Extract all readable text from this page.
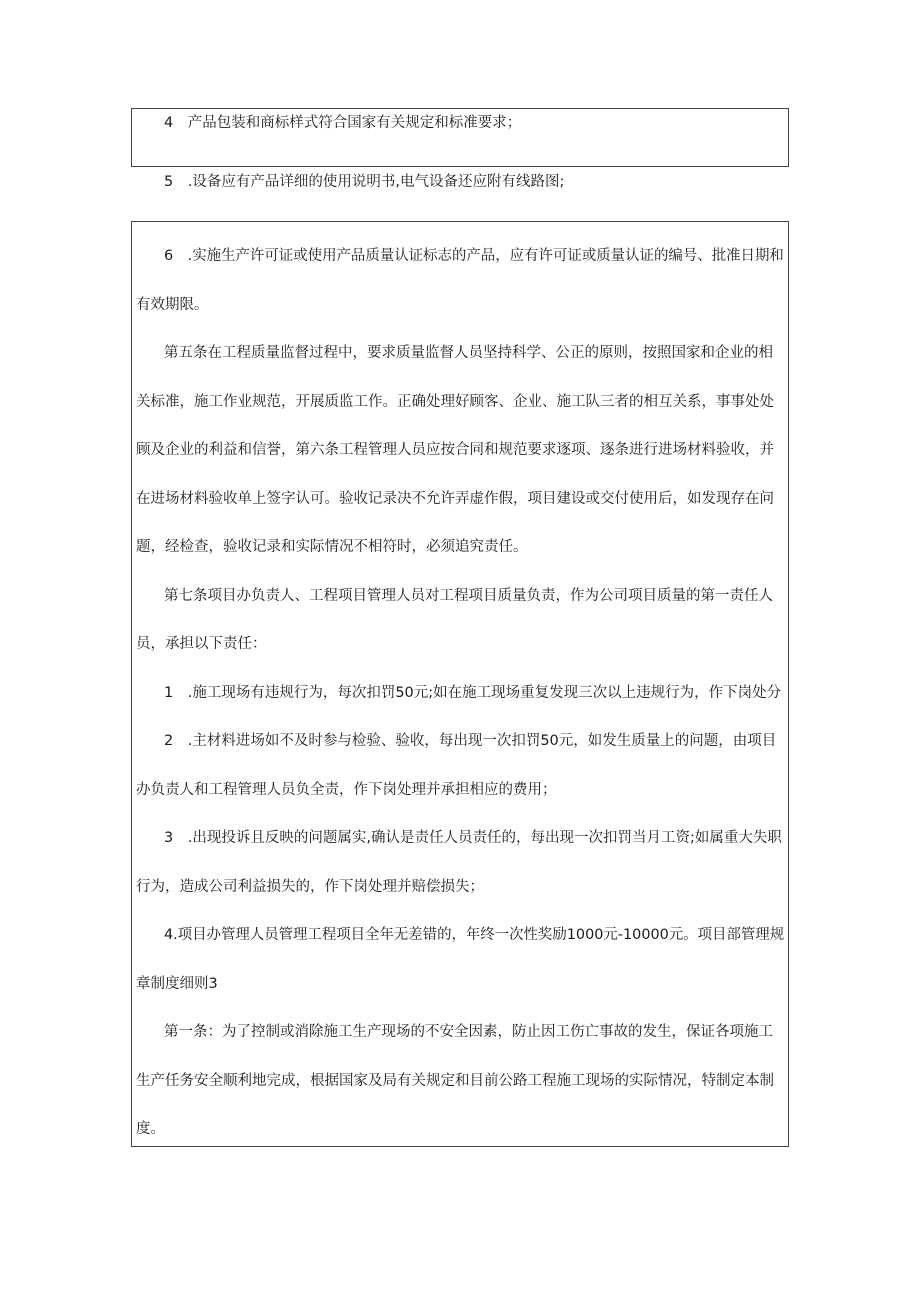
4　产品包装和商标样式符合国家有关规定和标准要求；

5　.设备应有产品详细的使用说明书,电气设备还应附有线路图;

6　.实施生产许可证或使用产品质量认证标志的产品，应有许可证或质量认证的编号、批准日期和

有效期限。

第五条在工程质量监督过程中，要求质量监督人员坚持科学、公正的原则，按照国家和企业的相

关标准，施工作业规范，开展质监工作。正确处理好顾客、企业、施工队三者的相互关系，事事处处

顾及企业的利益和信誉，第六条工程管理人员应按合同和规范要求逐项、逐条进行进场材料验收，并

在进场材料验收单上签字认可。验收记录决不允许弄虚作假，项目建设或交付使用后，如发现存在问

题，经检查，验收记录和实际情况不相符时，必须追究责任。

第七条项目办负责人、工程项目管理人员对工程项目质量负责，作为公司项目质量的第一责任人

员，承担以下责任：

1　.施工现场有违规行为，每次扣罚50元;如在施工现场重复发现三次以上违规行为，作下岗处分

2　.主材料进场如不及时参与检验、验收，每出现一次扣罚50元，如发生质量上的问题，由项目

办负责人和工程管理人员负全责，作下岗处理并承担相应的费用；

3　.出现投诉且反映的问题属实,确认是责任人员责任的，每出现一次扣罚当月工资;如属重大失职

行为，造成公司利益损失的，作下岗处理并赔偿损失；

4.项目办管理人员管理工程项目全年无差错的，年终一次性奖励1000元-10000元。项目部管理规

章制度细则3

第一条：为了控制或消除施工生产现场的不安全因素，防止因工伤亡事故的发生，保证各项施工

生产任务安全顺利地完成，根据国家及局有关规定和目前公路工程施工现场的实际情况，特制定本制

度。
